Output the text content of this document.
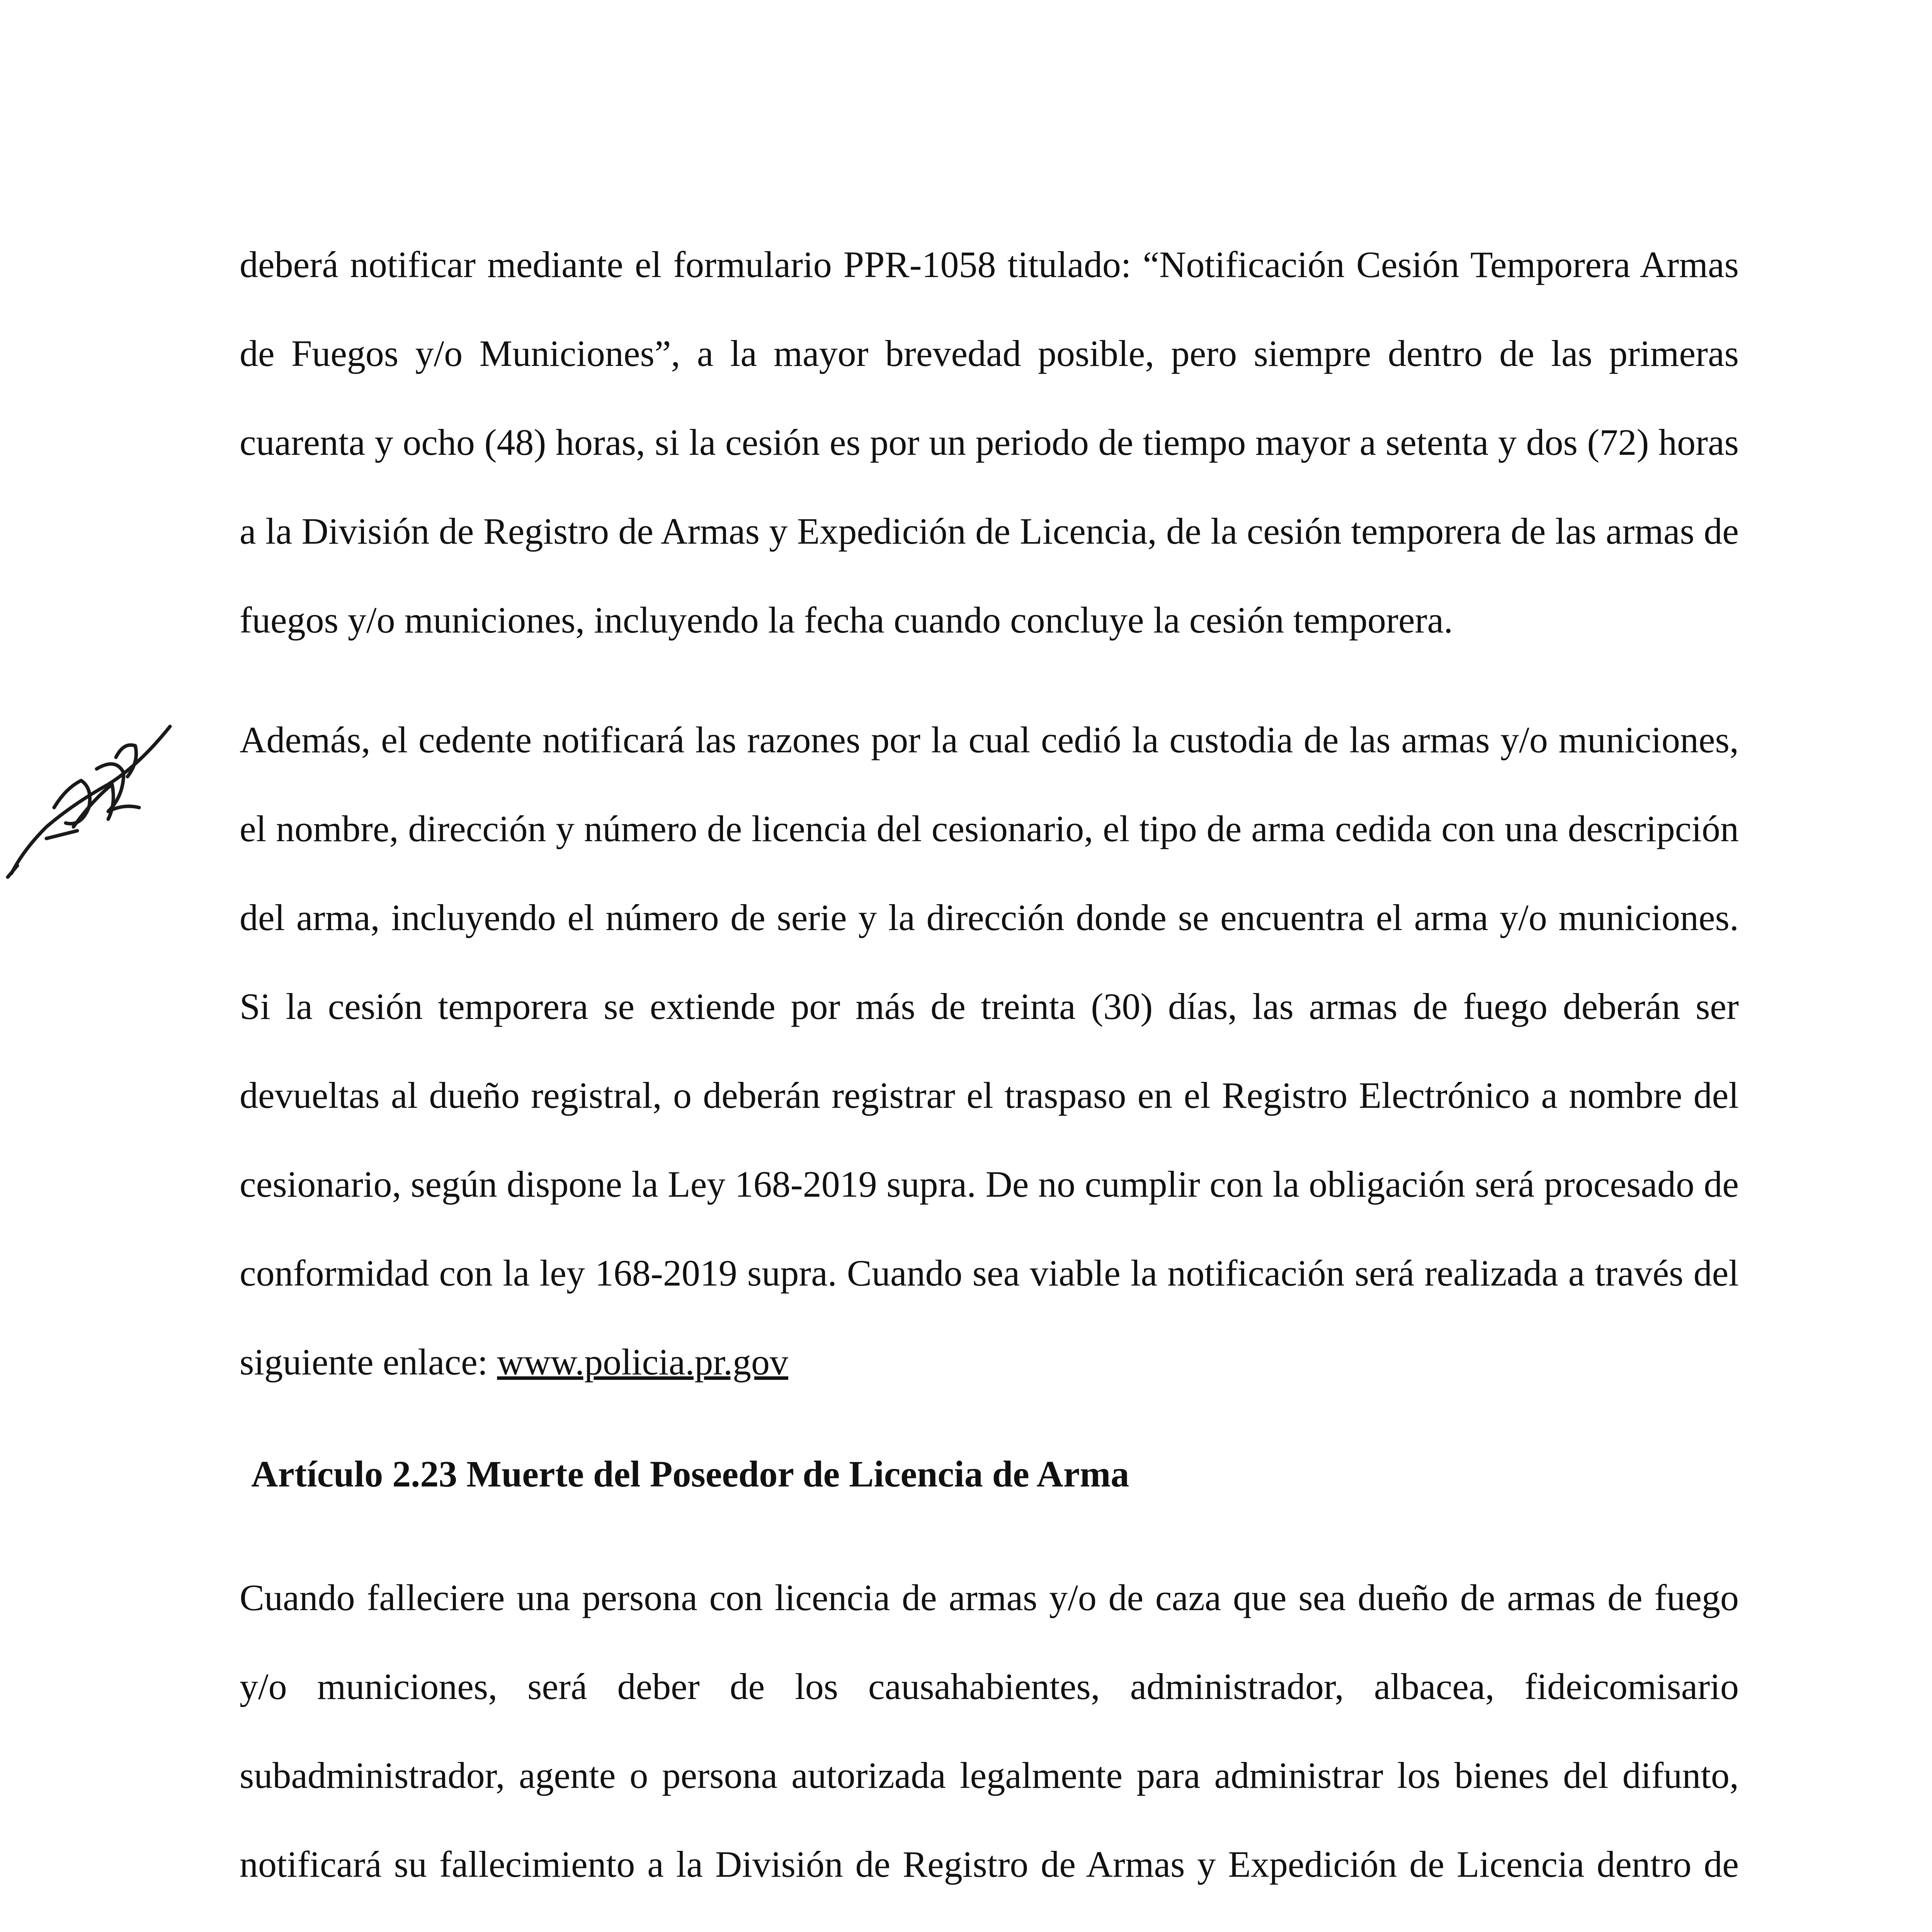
deberá notificar mediante el formulario PPR-1058 titulado: “Notificación Cesión Temporera Armas de Fuegos y/o Municiones”, a la mayor brevedad posible, pero siempre dentro de las primeras cuarenta y ocho (48) horas, si la cesión es por un periodo de tiempo mayor a setenta y dos (72) horas a la División de Registro de Armas y Expedición de Licencia, de la cesión temporera de las armas de fuegos y/o municiones, incluyendo la fecha cuando concluye la cesión temporera.

Además, el cedente notificará las razones por la cual cedió la custodia de las armas y/o municiones, el nombre, dirección y número de licencia del cesionario, el tipo de arma cedida con una descripción del arma, incluyendo el número de serie y la dirección donde se encuentra el arma y/o municiones. Si la cesión temporera se extiende por más de treinta (30) días, las armas de fuego deberán ser devueltas al dueño registral, o deberán registrar el traspaso en el Registro Electrónico a nombre del cesionario, según dispone la Ley 168-2019 supra. De no cumplir con la obligación será procesado de conformidad con la ley 168-2019 supra. Cuando sea viable la notificación será realizada a través del siguiente enlace: www.policia.pr.gov

Artículo 2.23 Muerte del Poseedor de Licencia de Arma

Cuando falleciere una persona con licencia de armas y/o de caza que sea dueño de armas de fuego y/o municiones, será deber de los causahabientes, administrador, albacea, fideicomisario subadministrador, agente o persona autorizada legalmente para administrar los bienes del difunto, notificará su fallecimiento a la División de Registro de Armas y Expedición de Licencia dentro de
